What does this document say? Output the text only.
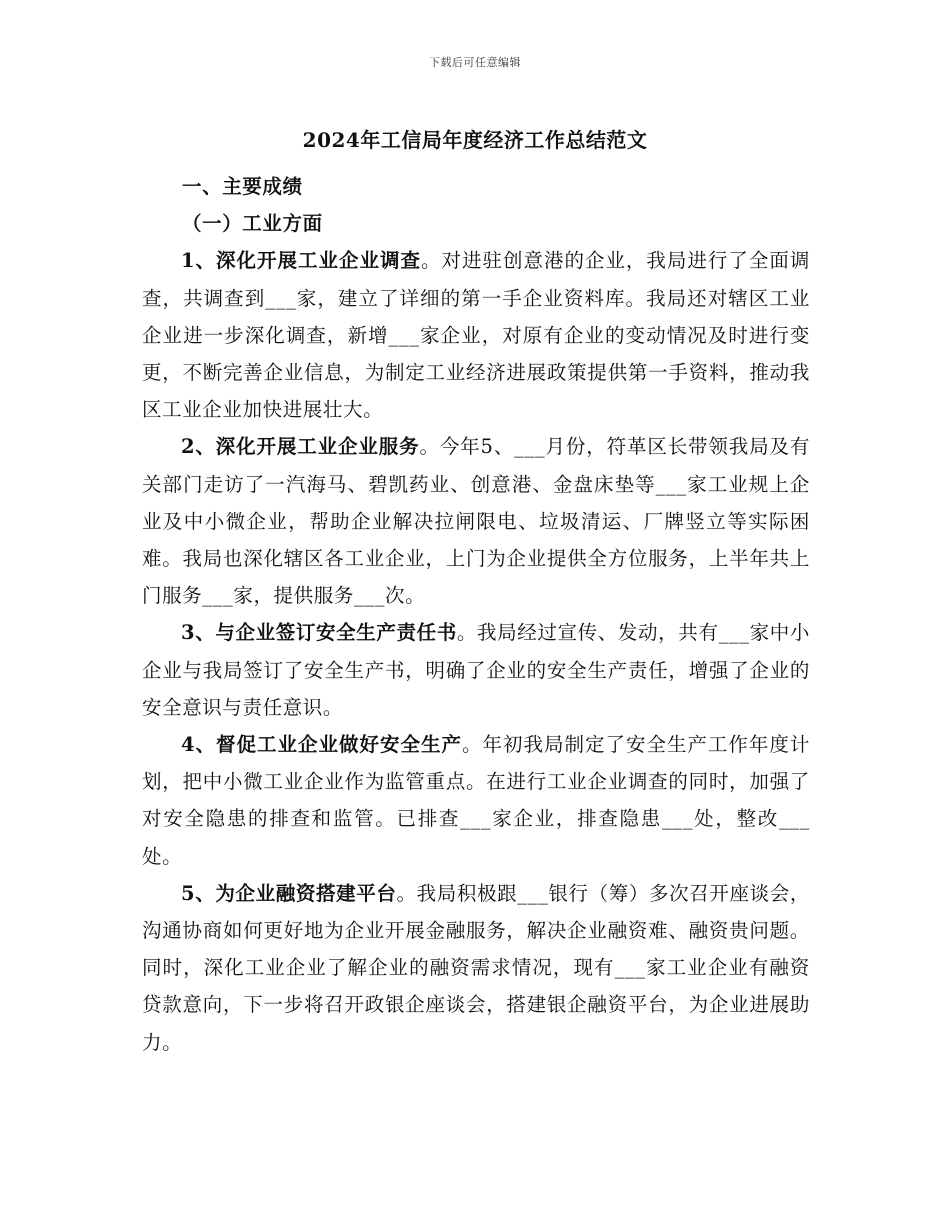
下载后可任意编辑
2024年工信局年度经济工作总结范文

一、主要成绩

（一）工业方面

1、深化开展工业企业调查。对进驻创意港的企业，我局进行了全面调查，共调查到___家，建立了详细的第一手企业资料库。我局还对辖区工业企业进一步深化调查，新增___家企业，对原有企业的变动情况及时进行变更，不断完善企业信息，为制定工业经济进展政策提供第一手资料，推动我区工业企业加快进展壮大。

2、深化开展工业企业服务。今年5、___月份，符革区长带领我局及有关部门走访了一汽海马、碧凯药业、创意港、金盘床垫等___家工业规上企业及中小微企业，帮助企业解决拉闸限电、垃圾清运、厂牌竖立等实际困难。我局也深化辖区各工业企业，上门为企业提供全方位服务，上半年共上门服务___家，提供服务___次。

3、与企业签订安全生产责任书。我局经过宣传、发动，共有___家中小企业与我局签订了安全生产书，明确了企业的安全生产责任，增强了企业的安全意识与责任意识。

4、督促工业企业做好安全生产。年初我局制定了安全生产工作年度计划，把中小微工业企业作为监管重点。在进行工业企业调查的同时，加强了对安全隐患的排查和监管。已排查___家企业，排查隐患___处，整改___处。

5、为企业融资搭建平台。我局积极跟___银行（筹）多次召开座谈会，沟通协商如何更好地为企业开展金融服务，解决企业融资难、融资贵问题。同时，深化工业企业了解企业的融资需求情况，现有___家工业企业有融资贷款意向，下一步将召开政银企座谈会，搭建银企融资平台，为企业进展助力。
